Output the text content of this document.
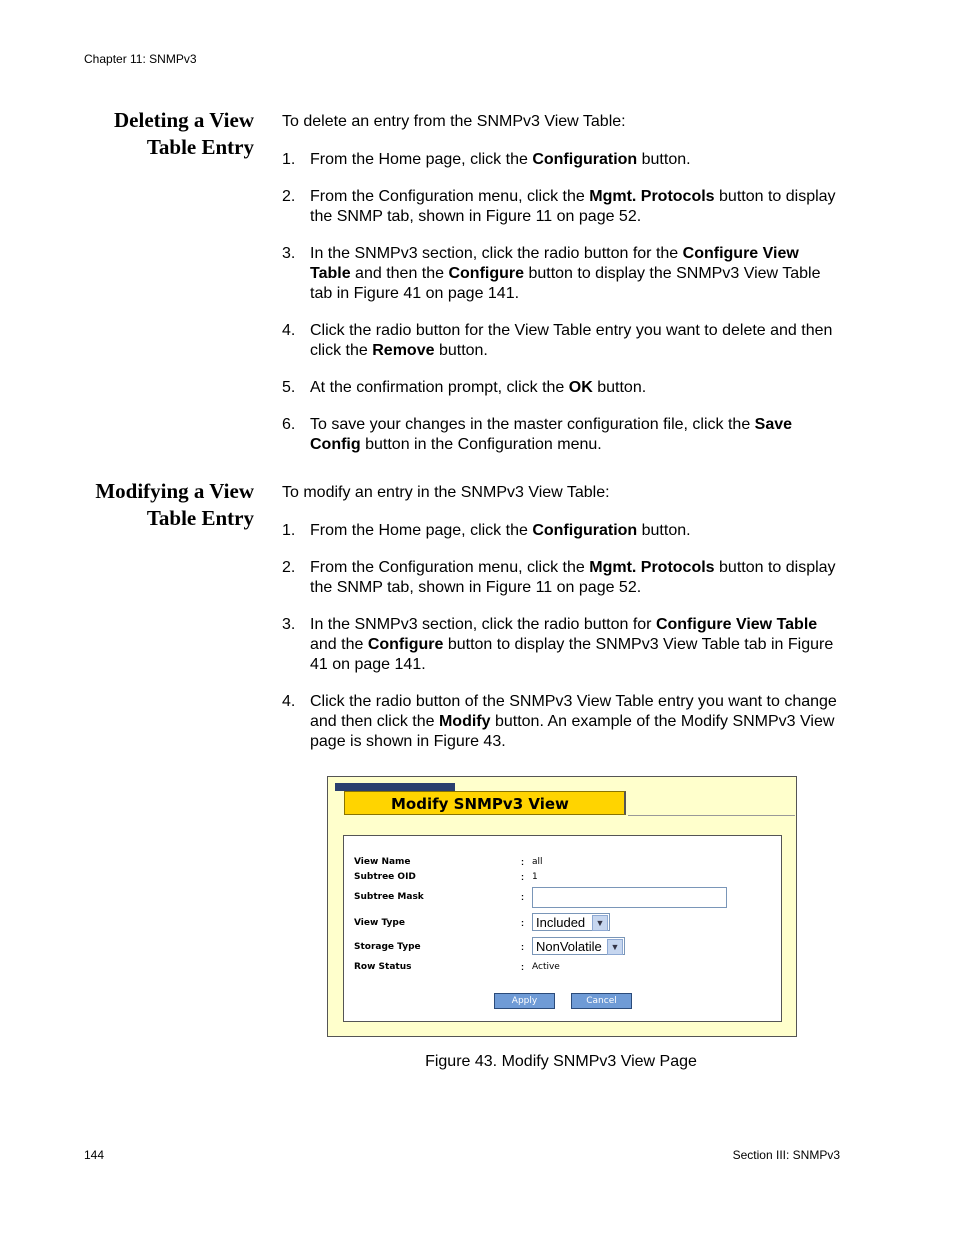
Chapter 11: SNMPv3
Deleting a View
Table Entry

To delete an entry from the SNMPv3 View Table:

1. From the Home page, click the Configuration button.
2. From the Configuration menu, click the Mgmt. Protocols button to display the SNMP tab, shown in Figure 11 on page 52.
3. In the SNMPv3 section, click the radio button for the Configure View Table and then the Configure button to display the SNMPv3 View Table tab in Figure 41 on page 141.
4. Click the radio button for the View Table entry you want to delete and then click the Remove button.
5. At the confirmation prompt, click the OK button.
6. To save your changes in the master configuration file, click the Save Config button in the Configuration menu.
Modifying a View
Table Entry

To modify an entry in the SNMPv3 View Table:

1. From the Home page, click the Configuration button.
2. From the Configuration menu, click the Mgmt. Protocols button to display the SNMP tab, shown in Figure 11 on page 52.
3. In the SNMPv3 section, click the radio button for Configure View Table and the Configure button to display the SNMPv3 View Table tab in Figure 41 on page 141.
4. Click the radio button of the SNMPv3 View Table entry you want to change and then click the Modify button. An example of the Modify SNMPv3 View page is shown in Figure 43.
Modify SNMPv3 View
View Name	: all
Subtree OID	: 1
Subtree Mask	:
View Type	: Included	▼
Storage Type	: NonVolatile ▼
Row Status	: Active
Apply	Cancel
Figure 43. Modify SNMPv3 View Page
144	Section III: SNMPv3
